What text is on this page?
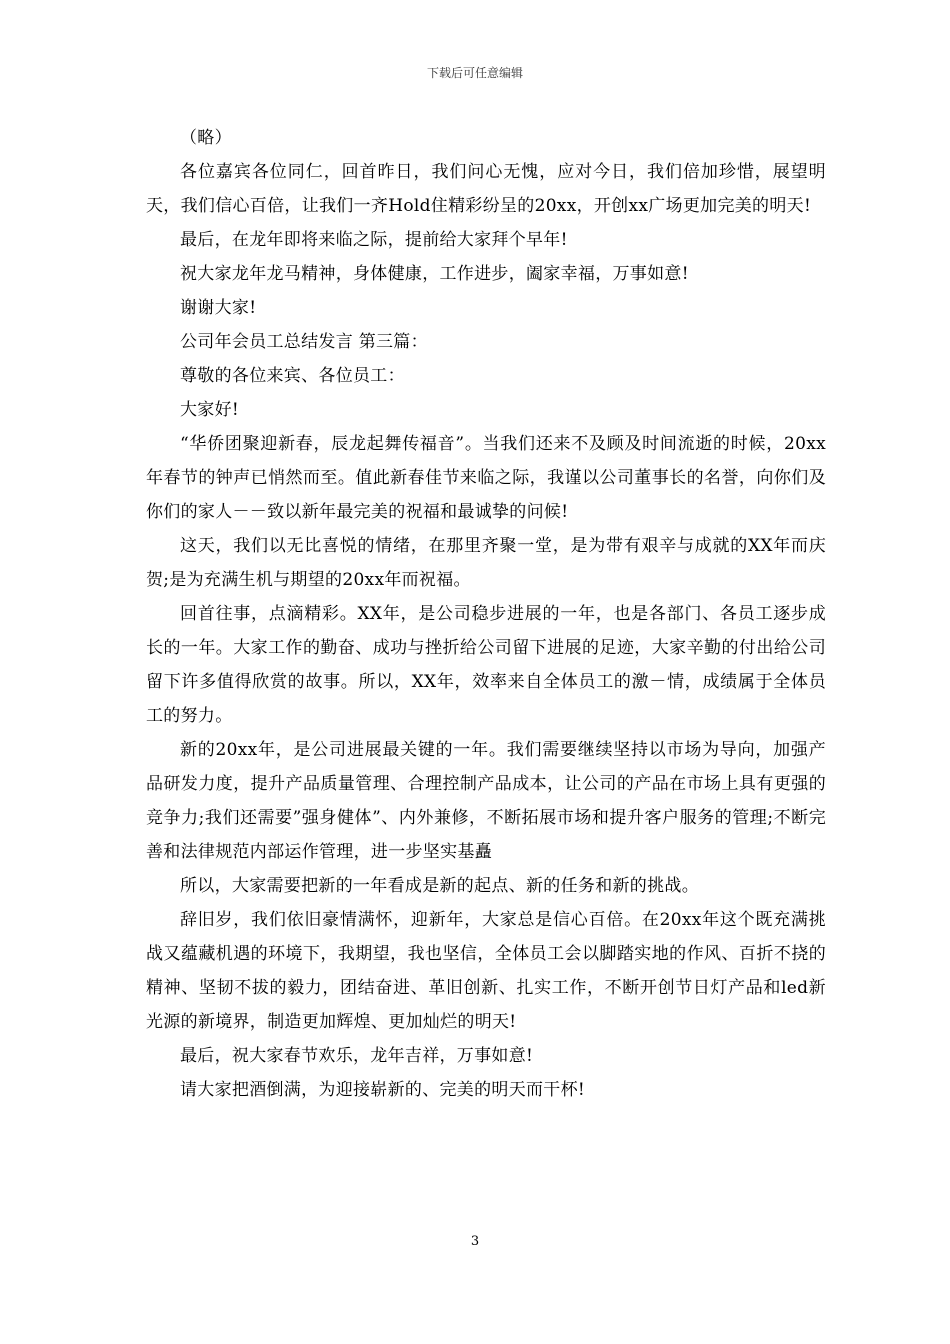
下载后可任意编辑

（略）

各位嘉宾各位同仁，回首昨日，我们问心无愧，应对今日，我们倍加珍惜，展望明天，我们信心百倍，让我们一齐Hold住精彩纷呈的20xx，开创xx广场更加完美的明天!

最后，在龙年即将来临之际，提前给大家拜个早年!

祝大家龙年龙马精神，身体健康，工作进步，阖家幸福，万事如意!

谢谢大家!

公司年会员工总结发言 第三篇：

尊敬的各位来宾、各位员工：

大家好!

“华侨团聚迎新春，辰龙起舞传福音”。当我们还来不及顾及时间流逝的时候，20xx年春节的钟声已悄然而至。值此新春佳节来临之际，我谨以公司董事长的名誉，向你们及你们的家人－－致以新年最完美的祝福和最诚挚的问候!

这天，我们以无比喜悦的情绪，在那里齐聚一堂，是为带有艰辛与成就的XX年而庆贺;是为充满生机与期望的20xx年而祝福。

回首往事，点滴精彩。XX年，是公司稳步进展的一年，也是各部门、各员工逐步成长的一年。大家工作的勤奋、成功与挫折给公司留下进展的足迹，大家辛勤的付出给公司留下许多值得欣赏的故事。所以，XX年，效率来自全体员工的激－情，成绩属于全体员工的努力。

新的20xx年，是公司进展最关键的一年。我们需要继续坚持以市场为导向，加强产品研发力度，提升产品质量管理、合理控制产品成本，让公司的产品在市场上具有更强的竞争力;我们还需要”强身健体”、内外兼修，不断拓展市场和提升客户服务的管理;不断完善和法律规范内部运作管理，进一步坚实基矗

所以，大家需要把新的一年看成是新的起点、新的任务和新的挑战。

辞旧岁，我们依旧豪情满怀，迎新年，大家总是信心百倍。在20xx年这个既充满挑战又蕴藏机遇的环境下，我期望，我也坚信，全体员工会以脚踏实地的作风、百折不挠的精神、坚韧不拔的毅力，团结奋进、革旧创新、扎实工作，不断开创节日灯产品和led新光源的新境界，制造更加辉煌、更加灿烂的明天!

最后，祝大家春节欢乐，龙年吉祥，万事如意!

请大家把酒倒满，为迎接崭新的、完美的明天而干杯!

3
